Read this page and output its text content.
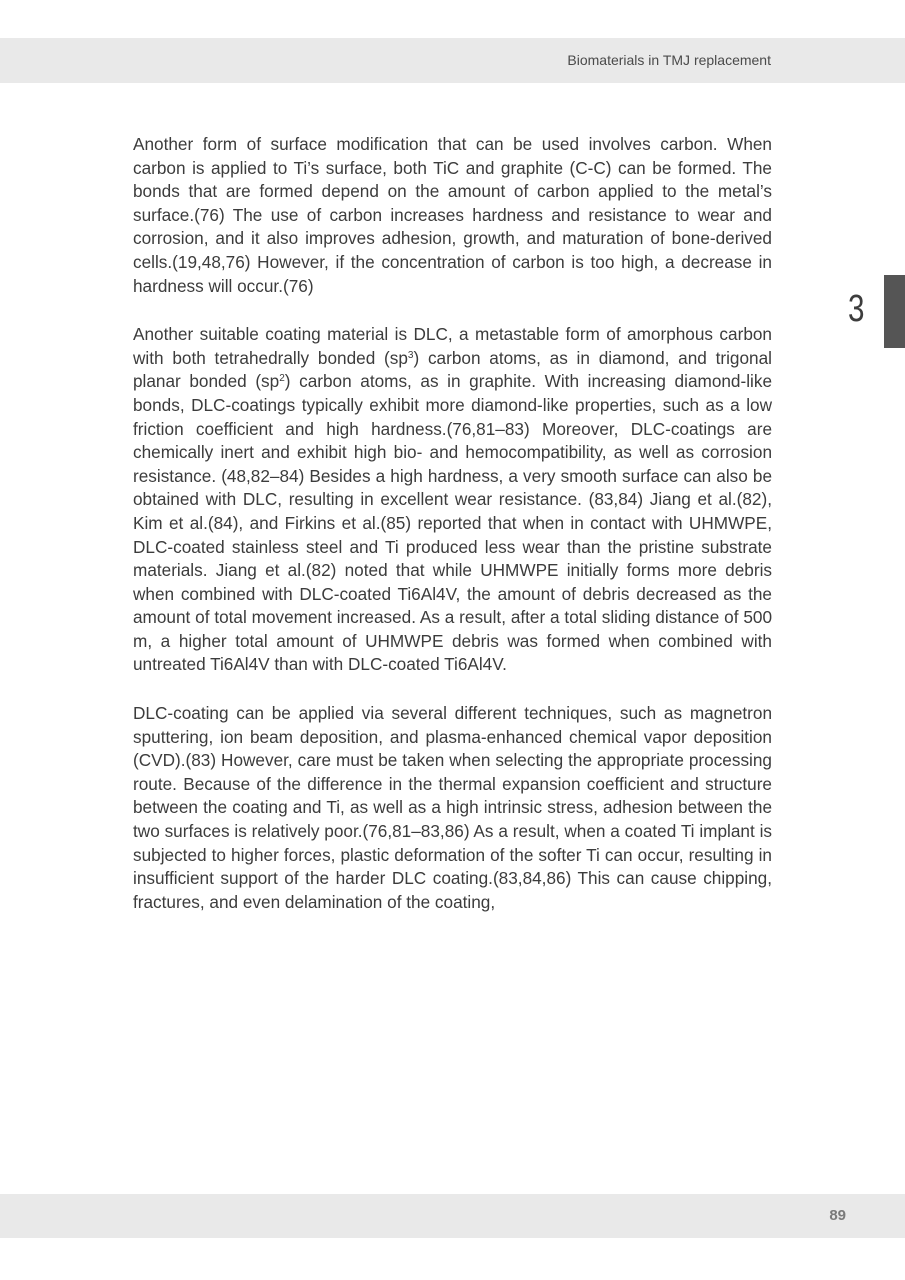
Biomaterials in TMJ replacement
3

Another form of surface modification that can be used involves carbon. When carbon is applied to Ti’s surface, both TiC and graphite (C-C) can be formed. The bonds that are formed depend on the amount of carbon applied to the metal’s surface.(76) The use of carbon increases hardness and resistance to wear and corrosion, and it also improves adhesion, growth, and maturation of bone-derived cells.(19,48,76) However, if the concentration of carbon is too high, a decrease in hardness will occur.(76)

Another suitable coating material is DLC, a metastable form of amorphous carbon with both tetrahedrally bonded $(sp^3)$ carbon atoms, as in diamond, and trigonal planar bonded $(sp^2)$ carbon atoms, as in graphite. With increasing diamond-like bonds, DLC-coatings typically exhibit more diamond-like properties, such as a low friction coefficient and high hardness.(76,81–83) Moreover, DLC-coatings are chemically inert and exhibit high bio- and hemocompatibility, as well as corrosion resistance. (48,82–84) Besides a high hardness, a very smooth surface can also be obtained with DLC, resulting in excellent wear resistance. (83,84) Jiang et al.(82), Kim et al.(84), and Firkins et al.(85) reported that when in contact with UHMWPE, DLC-coated stainless steel and Ti produced less wear than the pristine substrate materials. Jiang et al.(82) noted that while UHMWPE initially forms more debris when combined with DLC-coated Ti6Al4V, the amount of debris decreased as the amount of total movement increased. As a result, after a total sliding distance of 500 m, a higher total amount of UHMWPE debris was formed when combined with untreated Ti6Al4V than with DLC-coated Ti6Al4V.

DLC-coating can be applied via several different techniques, such as magnetron sputtering, ion beam deposition, and plasma-enhanced chemical vapor deposition (CVD).(83) However, care must be taken when selecting the appropriate processing route. Because of the difference in the thermal expansion coefficient and structure between the coating and Ti, as well as a high intrinsic stress, adhesion between the two surfaces is relatively poor.(76,81–83,86) As a result, when a coated Ti implant is subjected to higher forces, plastic deformation of the softer Ti can occur, resulting in insufficient support of the harder DLC coating.(83,84,86) This can cause chipping, fractures, and even delamination of the coating,

89
